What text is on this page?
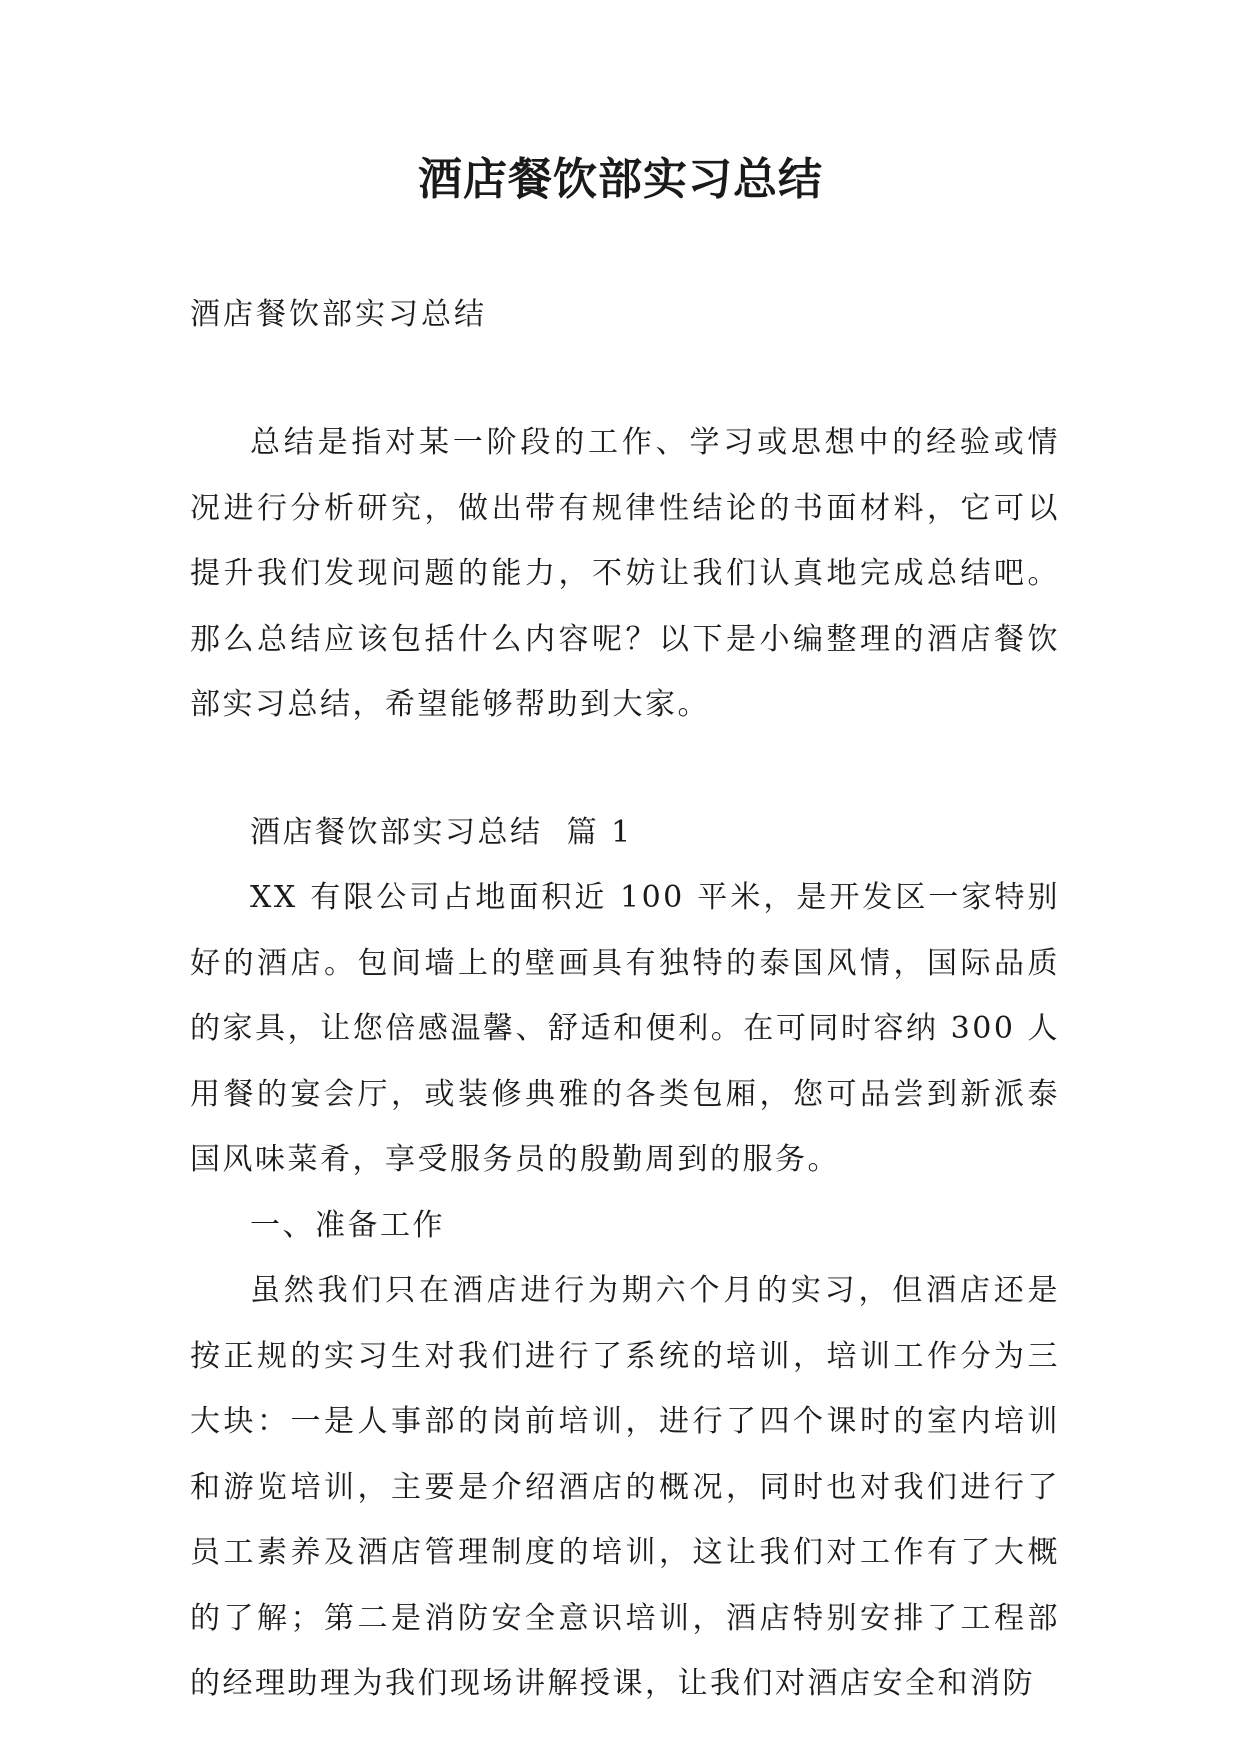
酒店餐饮部实习总结

酒店餐饮部实习总结

总结是指对某一阶段的工作、学习或思想中的经验或情况进行分析研究，做出带有规律性结论的书面材料，它可以提升我们发现问题的能力，不妨让我们认真地完成总结吧。那么总结应该包括什么内容呢？以下是小编整理的酒店餐饮部实习总结，希望能够帮助到大家。

酒店餐饮部实习总结  篇 1

XX 有限公司占地面积近 100 平米，是开发区一家特别好的酒店。包间墙上的壁画具有独特的泰国风情，国际品质的家具，让您倍感温馨、舒适和便利。在可同时容纳 300 人用餐的宴会厅，或装修典雅的各类包厢，您可品尝到新派泰国风味菜肴，享受服务员的殷勤周到的服务。

一、准备工作

虽然我们只在酒店进行为期六个月的实习，但酒店还是按正规的实习生对我们进行了系统的培训，培训工作分为三大块：一是人事部的岗前培训，进行了四个课时的室内培训和游览培训，主要是介绍酒店的概况，同时也对我们进行了员工素养及酒店管理制度的培训，这让我们对工作有了大概的了解；第二是消防安全意识培训，酒店特别安排了工程部的经理助理为我们现场讲解授课，让我们对酒店安全和消防
